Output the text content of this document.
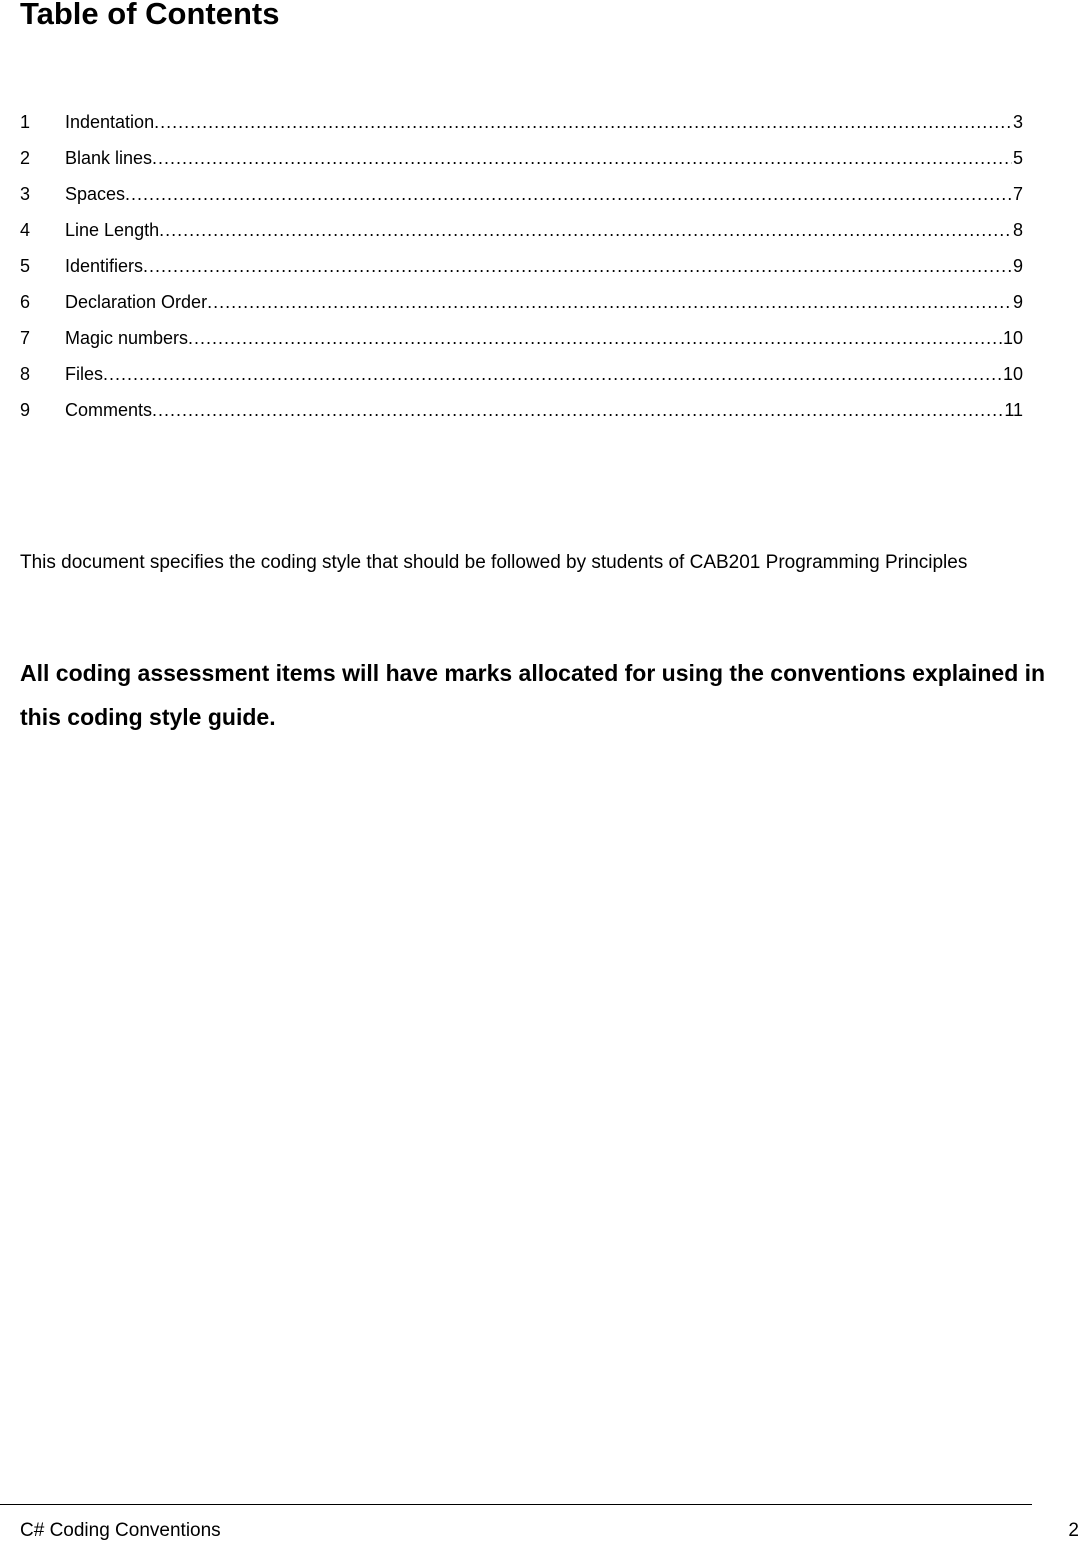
Table of Contents
1	Indentation .....	3
2	Blank lines .....	5
3	Spaces .....	7
4	Line Length .....	8
5	Identifiers .....	9
6	Declaration Order .....	9
7	Magic numbers .....	10
8	Files .....	10
9	Comments .....	11

This document specifies the coding style that should be followed by students of CAB201 Programming Principles

All coding assessment items will have marks allocated for using the conventions explained in this coding style guide.

C# Coding Conventions	2
